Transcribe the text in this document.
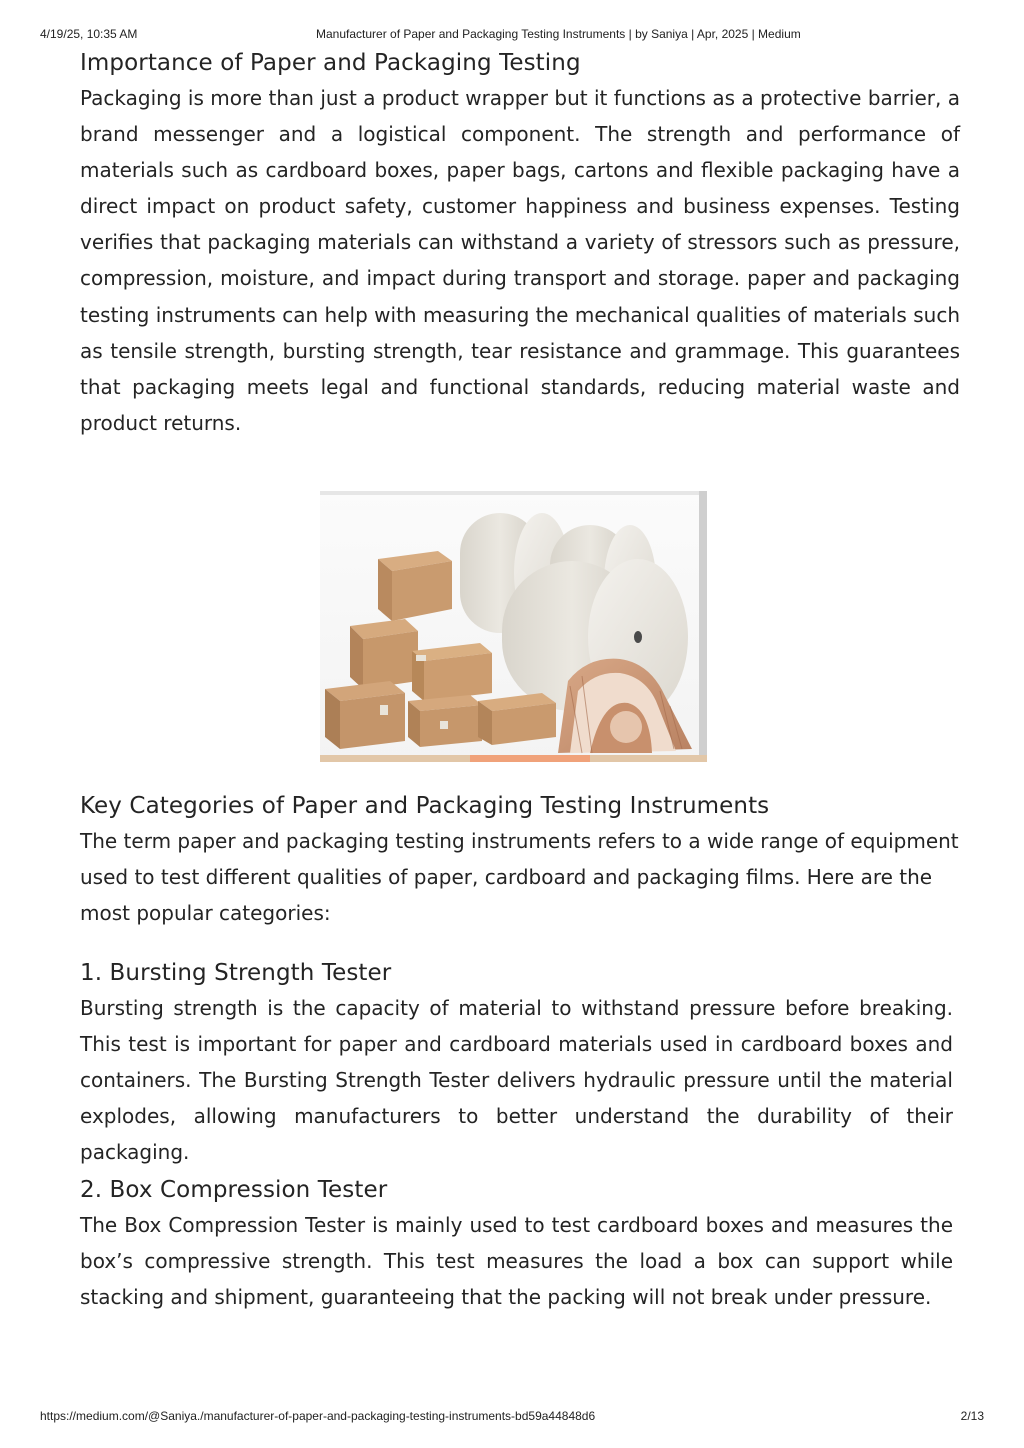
4/19/25, 10:35 AM	Manufacturer of Paper and Packaging Testing Instruments | by Saniya | Apr, 2025 | Medium
Importance of Paper and Packaging Testing

Packaging is more than just a product wrapper but it functions as a protective barrier, a brand messenger and a logistical component. The strength and performance of materials such as cardboard boxes, paper bags, cartons and flexible packaging have a direct impact on product safety, customer happiness and business expenses. Testing verifies that packaging materials can withstand a variety of stressors such as pressure, compression, moisture, and impact during transport and storage. paper and packaging testing instruments can help with measuring the mechanical qualities of materials such as tensile strength, bursting strength, tear resistance and grammage. This guarantees that packaging meets legal and functional standards, reducing material waste and product returns.

Key Categories of Paper and Packaging Testing Instruments

The term paper and packaging testing instruments refers to a wide range of equipment used to test different qualities of paper, cardboard and packaging films. Here are the most popular categories:

1. Bursting Strength Tester

Bursting strength is the capacity of material to withstand pressure before breaking. This test is important for paper and cardboard materials used in cardboard boxes and containers. The Bursting Strength Tester delivers hydraulic pressure until the material explodes, allowing manufacturers to better understand the durability of their packaging.

2. Box Compression Tester

The Box Compression Tester is mainly used to test cardboard boxes and measures the box’s compressive strength. This test measures the load a box can support while stacking and shipment, guaranteeing that the packing will not break under pressure.

https://medium.com/@Saniya./manufacturer-of-paper-and-packaging-testing-instruments-bd59a44848d6	2/13
